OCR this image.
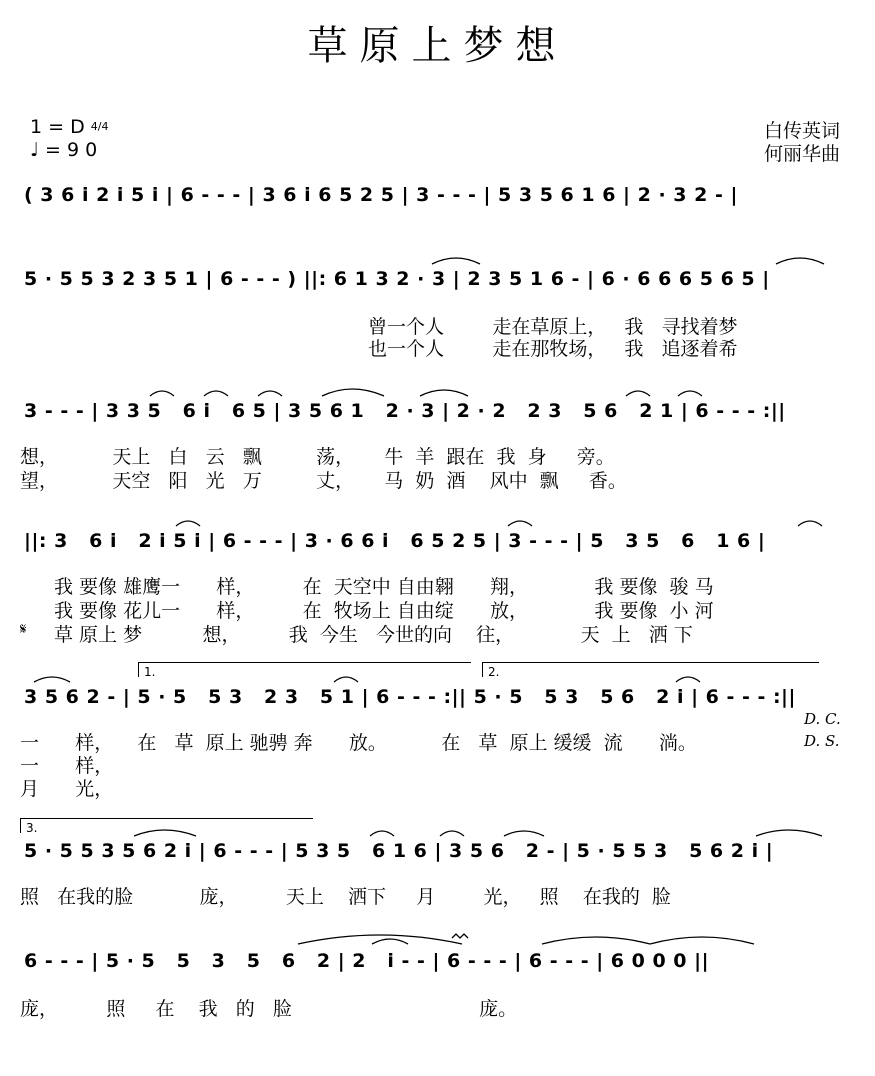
草原上梦想
1 = D 4/4
♩ = 9 0
白传英词
何丽华曲
( 3 6 i 2 i 5 i | 6 - - - | 3 6 i 6 5 2 5 | 3 - - - | 5 3 5 6 1 6 | 2 · 3 2 - |
5 · 5 5 3 2 3 5 1 | 6 - - - ) ||: 6 1 3 2 · 3 | 2 3 5 1 6 - | 6 · 6 6 6 5 6 5 |
曾一个人        走在草原上，   我   寻找着梦
也一个人        走在那牧场，   我   追逐着希
3 - - - | 3 3 5   6 i   6 5 | 3 5 6 1   2 · 3 | 2 · 2   2 3   5 6   2 1 | 6 - - - :||
想，         天上   白   云   飘         荡，     牛  羊  跟在  我  身     旁。
望，         天空   阳   光   万         丈，     马  奶  酒    风中  飘     香。
||: 3   6 i   2 i 5 i | 6 - - - | 3 · 6 6 i   6 5 2 5 | 3 - - - | 5   3 5   6   1 6 |
我 要像 雄鹰一      样，        在  天空中 自由翱      翔，           我 要像  骏 马
我 要像 花儿一      样，        在  牧场上 自由绽      放，           我 要像  小 河
𝄋 草 原上 梦          想，        我  今生   今世的向    往，           天  上   洒 下
1.	2.
3 5 6 2 - | 5 · 5   5 3   2 3   5 1 | 6 - - - :|| 5 · 5   5 3   5 6   2 i | 6 - - - :||
D. C.
D. S.
一      样，    在   草  原上 驰骋 奔      放。         在   草  原上 缓缓  流      淌。
一      样，
月      光，
3.
5 · 5 5 3 5 6 2 i | 6 - - - | 5 3 5   6 1 6 | 3 5 6   2 - | 5 · 5 5 3   5 6 2 i |
照   在我的脸           庞，        天上    洒下     月        光，   照    在我的  脸
6 - - - | 5 · 5   5   3   5   6   2 | 2   i - - | 6 - - - | 6 - - - | 6 0 0 0 ||
庞，        照     在    我   的   脸                               庞。
